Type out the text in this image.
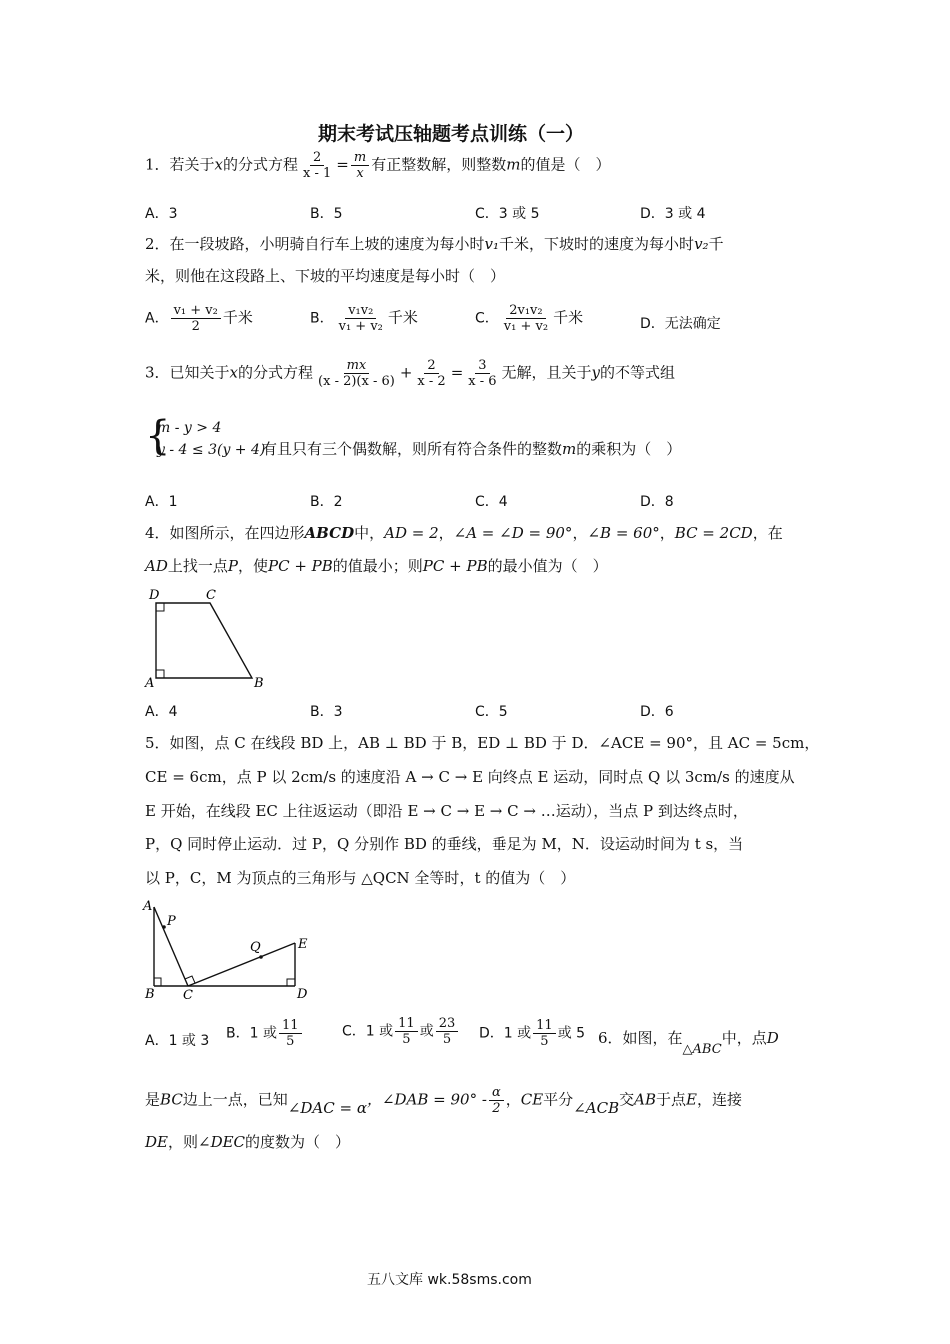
期末考试压轴题考点训练（一）
1．若关于x的分式方程 $\frac{2}{x - 1} = \frac{m}{x}$ 有正整数解，则整数m的值是（　）
A．3	B．5	C．3 或 5	D．3 或 4
2．在一段坡路，小明骑自行车上坡的速度为每小时v₁千米，下坡时的速度为每小时v₂千
米，则他在这段路上、下坡的平均速度是每小时（　）
A． $\frac{\text{v₁ + v₂}}{2}$ 千米	B． $\frac{\text{v₁v₂}}{\text{v₁ + v₂}}$ 千米	C． $\frac{\text{2v₁v₂}}{\text{v₁ + v₂}}$ 千米	D．无法确定
3．已知关于x的分式方程 $\frac{mx}{(x - 2)(x - 6)} + \frac{2}{x - 2} = \frac{3}{x - 6}$ 无解，且关于y的不等式组
{
m - y > 4
y - 4 ≤ 3(y + 4)
有且只有三个偶数解，则所有符合条件的整数m的乘积为（　）
A．1	B．2	C．4	D．8
4．如图所示，在四边形ABCD中，AD = 2，∠A = ∠D = 90°，∠B = 60°，BC = 2CD，在
AD上找一点P，使PC + PB的值最小；则PC + PB的最小值为（　）
D	C
A	B
A．4	B．3	C．5	D．6
5．如图，点 C 在线段 BD 上，AB ⊥ BD 于 B，ED ⊥ BD 于 D．∠ACE = 90°，且 AC = 5cm，
CE = 6cm，点 P 以 2cm/s 的速度沿 A → C → E 向终点 E 运动，同时点 Q 以 3cm/s 的速度从
E 开始，在线段 EC 上往返运动（即沿 E → C → E → C → …运动），当点 P 到达终点时，
P，Q 同时停止运动．过 P，Q 分别作 BD 的垂线，垂足为 M，N．设运动时间为 t s，当
以 P，C，M 为顶点的三角形与 △QCN 全等时，t 的值为（　）
A
P
Q	E
B C	D
A．1 或 3 B．1 或 $\frac{11}{5}$	C．1 或 $\frac{11}{5}$ 或 $\frac{23}{5}$ D．1 或 $\frac{11}{5}$ 或 5 6．如图，在△ABC中，点D
是BC边上一点，已知∠DAC = α，∠DAB = $90^\circ - \frac{\alpha}{2}$ ，CE平分∠ACB交AB于点E，连接
DE，则∠DEC的度数为（　）
五八文库 wk.58sms.com
